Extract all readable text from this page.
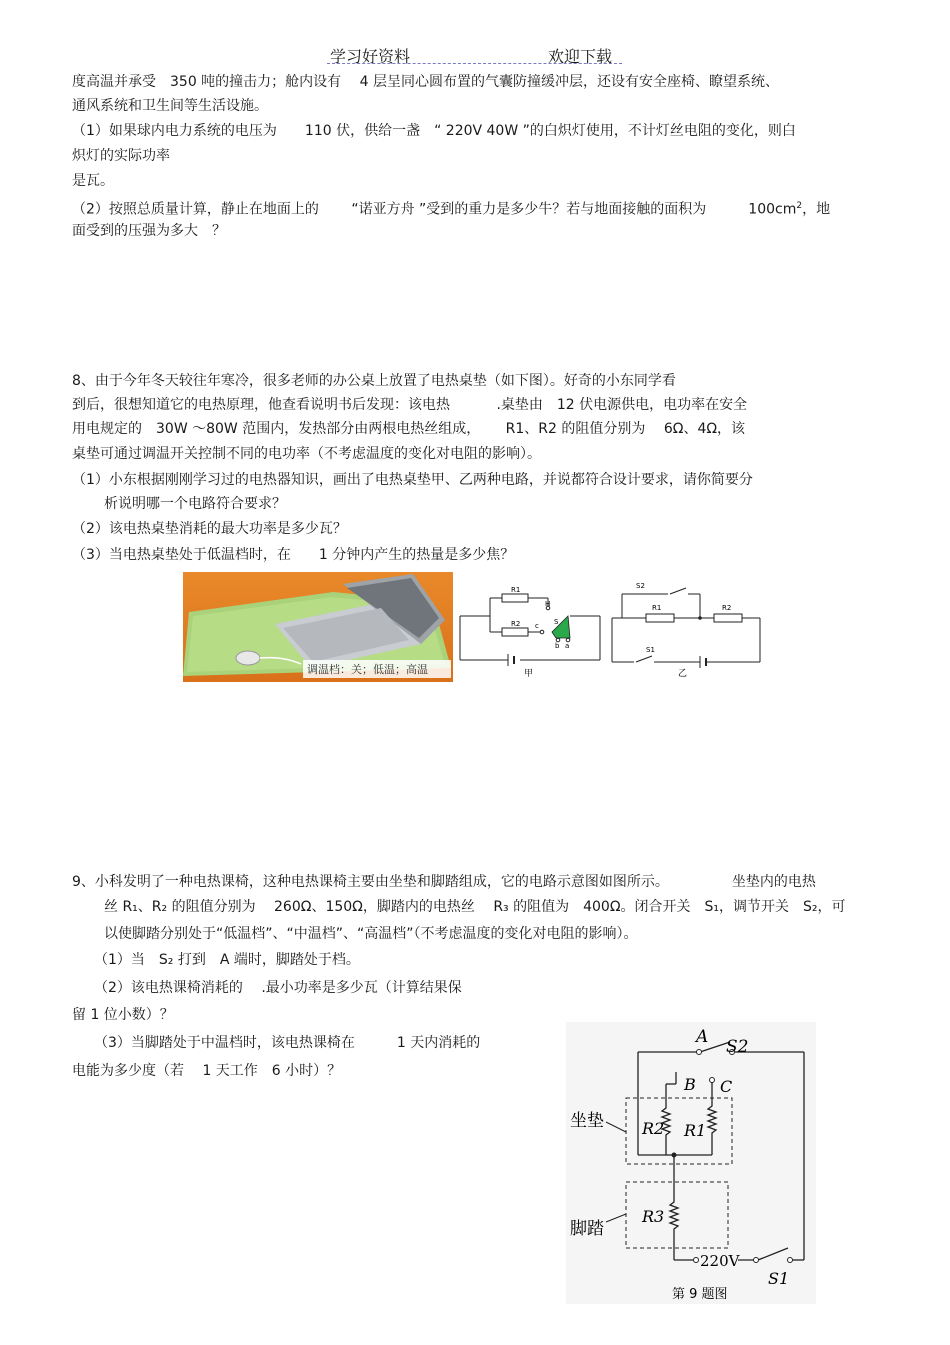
学习好资料	欢迎下载
度高温并承受　350 吨的撞击力；舱内设有　 4 层呈同心圆布置的气囊防撞缓冲层，还设有安全座椅、瞭望系统、
通风系统和卫生间等生活设施。
（1）如果球内电力系统的电压为　　110 伏，供给一盏　“ 220V 40W ”的白炽灯使用，不计灯丝电阻的变化，则白
炽灯的实际功率
是瓦。
（2）按照总质量计算，静止在地面上的　　 “诺亚方舟 ”受到的重力是多少牛？若与地面接触的面积为　　　$100cm^2$，地
面受到的压强为多大　？
8、由于今年冬天较往年寒冷，很多老师的办公桌上放置了电热桌垫（如下图）。好奇的小东同学看
到后，很想知道它的电热原理，他查看说明书后发现：该电热　　　 .桌垫由　12 伏电源供电，电功率在安全
用电规定的　30W ～80W 范围内，发热部分由两根电热丝组成，　　 R1、R2 的阻值分别为　 6Ω、4Ω，该
桌垫可通过调温开关控制不同的电功率（不考虑温度的变化对电阻的影响）。
（1）小东根据刚刚学习过的电热器知识，画出了电热桌垫甲、乙两种电路，并说都符合设计要求，请你简要分
析说明哪一个电路符合要求？
（2）该电热桌垫消耗的最大功率是多少瓦？
（3）当电热桌垫处于低温档时，在　　1 分钟内产生的热量是多少焦？
调温档：关；低温；高温
R1
R2
H
S
c
b a
甲
S2
R1	R2
S1
乙
9、小科发明了一种电热课椅，这种电热课椅主要由坐垫和脚踏组成，它的电路示意图如图所示。　　　　　坐垫内的电热
丝 R₁、R₂ 的阻值分别为　 260Ω、150Ω，脚踏内的电热丝　 R₃ 的阻值为　400Ω。闭合开关　S₁，调节开关　S₂，可
以使脚踏分别处于“低温档”、“中温档”、“高温档”（不考虑温度的变化对电阻的影响）。
（1）当　S₂ 打到　A 端时，脚踏处于档。
（2）该电热课椅消耗的　 .最小功率是多少瓦（计算结果保
留 1 位小数）？
（3）当脚踏处于中温档时，该电热课椅在　　　1 天内消耗的
电能为多少度（若　 1 天工作　6 小时）？
A S2
B C
R2 R1
R3
坐垫
脚踏
220V
S1
第 9 题图
